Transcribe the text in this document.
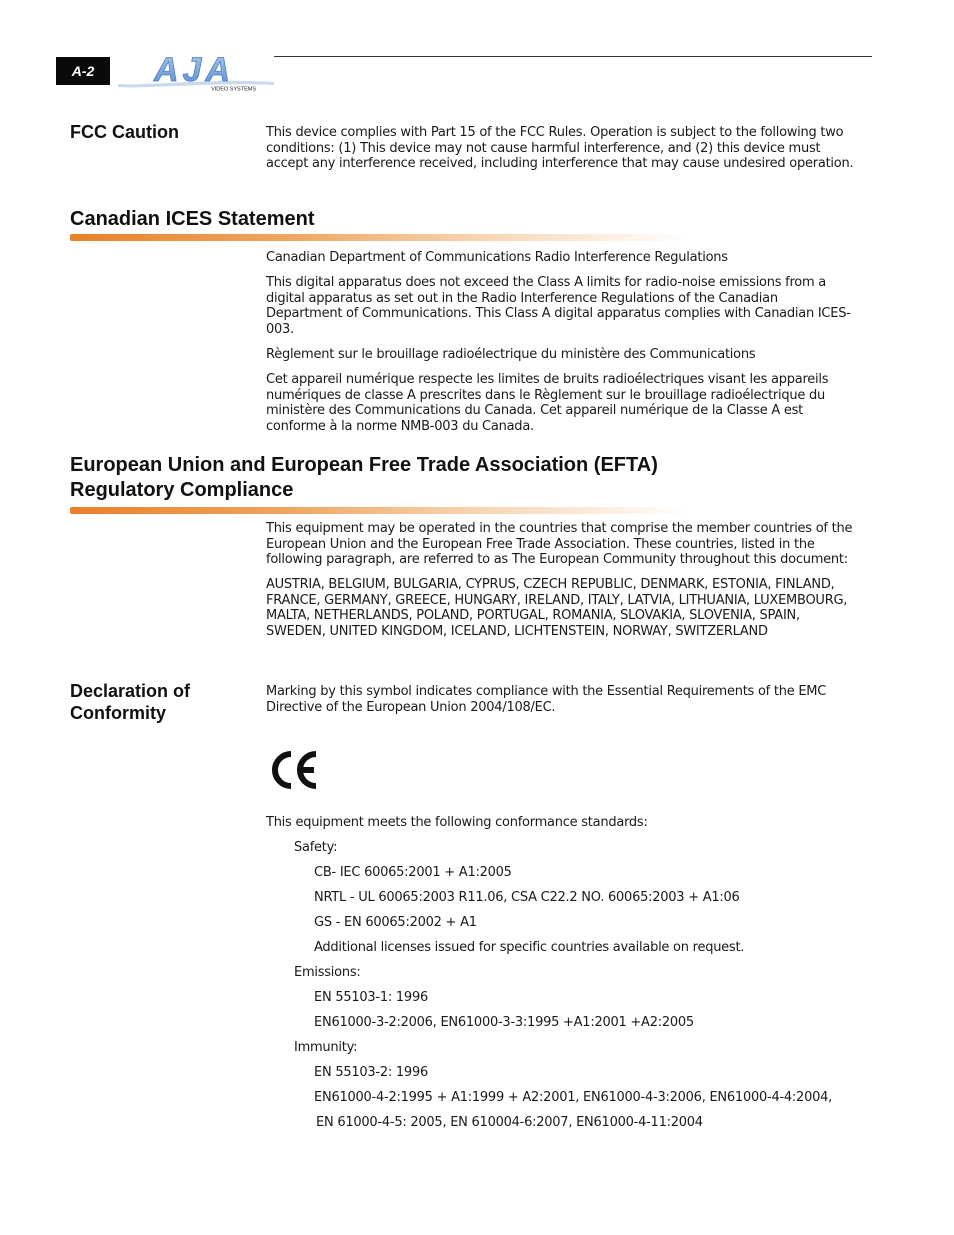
A-2	AJA
VIDEO SYSTEMS
FCC Caution	This device complies with Part 15 of the FCC Rules. Operation is subject to the following two conditions: (1) This device may not cause harmful interference, and (2) this device must accept any interference received, including interference that may cause undesired operation.

Canadian ICES Statement

Canadian Department of Communications Radio Interference Regulations

This digital apparatus does not exceed the Class A limits for radio-noise emissions from a digital apparatus as set out in the Radio Interference Regulations of the Canadian Department of Communications. This Class A digital apparatus complies with Canadian ICES-003.

Règlement sur le brouillage radioélectrique du ministère des Communications

Cet appareil numérique respecte les limites de bruits radioélectriques visant les appareils numériques de classe A prescrites dans le Règlement sur le brouillage radioélectrique du ministère des Communications du Canada. Cet appareil numérique de la Classe A est conforme à la norme NMB-003 du Canada.

European Union and European Free Trade Association (EFTA)
Regulatory Compliance

This equipment may be operated in the countries that comprise the member countries of the European Union and the European Free Trade Association. These countries, listed in the following paragraph, are referred to as The European Community throughout this document:

AUSTRIA, BELGIUM, BULGARIA, CYPRUS, CZECH REPUBLIC, DENMARK, ESTONIA, FINLAND, FRANCE, GERMANY, GREECE, HUNGARY, IRELAND, ITALY, LATVIA, LITHUANIA, LUXEMBOURG, MALTA, NETHERLANDS, POLAND, PORTUGAL, ROMANIA, SLOVAKIA, SLOVENIA, SPAIN, SWEDEN, UNITED KINGDOM, ICELAND, LICHTENSTEIN, NORWAY, SWITZERLAND

Declaration of
Conformity

Marking by this symbol indicates compliance with the Essential Requirements of the EMC Directive of the European Union 2004/108/EC.

This equipment meets the following conformance standards:
Safety:
CB- IEC 60065:2001 + A1:2005
NRTL - UL 60065:2003 R11.06, CSA C22.2 NO. 60065:2003 + A1:06
GS - EN 60065:2002 + A1
Additional licenses issued for specific countries available on request.
Emissions:
EN 55103-1: 1996
EN61000-3-2:2006, EN61000-3-3:1995 +A1:2001 +A2:2005
Immunity:
EN 55103-2: 1996
EN61000-4-2:1995 + A1:1999 + A2:2001, EN61000-4-3:2006, EN61000-4-4:2004,
EN 61000-4-5: 2005, EN 610004-6:2007, EN61000-4-11:2004
